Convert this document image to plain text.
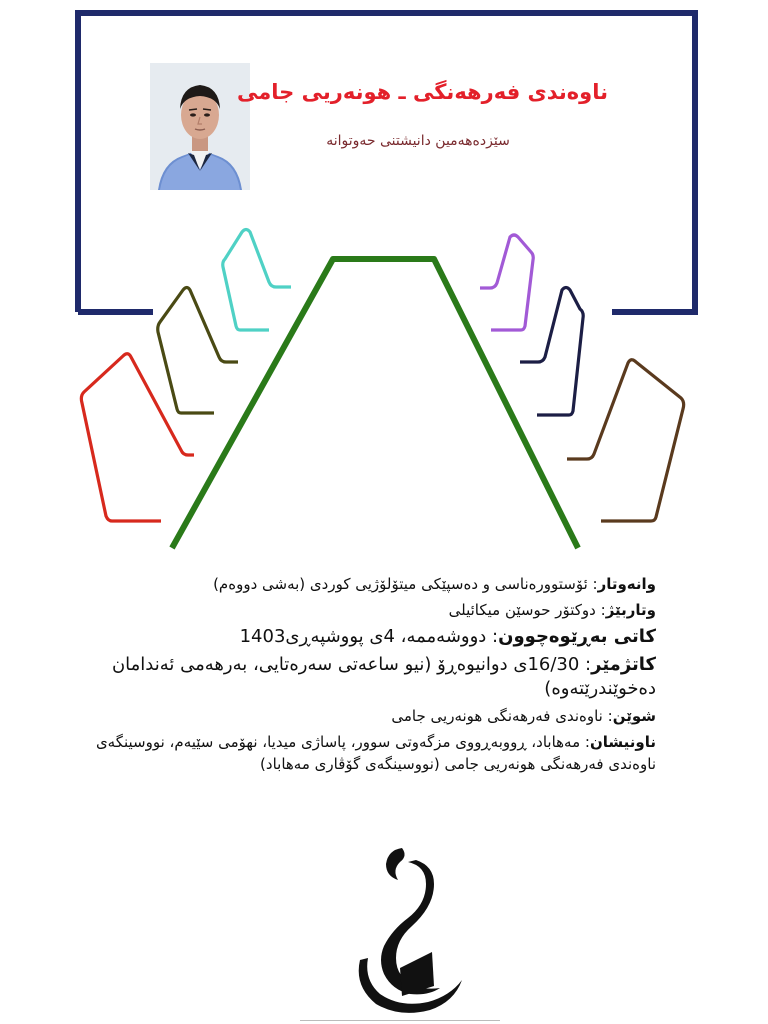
ناوەندی فەرهەنگی ـ هونەریی جامی
سێزدەهەمین دانیشتنی حەوتوانە
وانەوتار: ئۆستوورەناسی و دەسپێکی میتۆلۆژیی کوردی (بەشی دووەم)
وتاربێژ: دوکتۆر حوسێن میکائیلی
کاتی بەڕێوەچوون: دووشەممە، 4ی پووشپەڕی1403
کاتژمێر: 16/30ی دوانیوەڕۆ (نیو ساعەتی سەرەتایی، بەرهەمی ئەندامان دەخوێندرێتەوە)
شوێن: ناوەندی فەرهەنگی هونەریی جامی
ناونیشان: مەهاباد، ڕووبەڕووی مزگەوتی سوور، پاساژی میدیا، نهۆمی سێیەم، نووسینگەی ناوەندی فەرهەنگی هونەریی جامی (نووسینگەی گۆڤاری مەهاباد)
